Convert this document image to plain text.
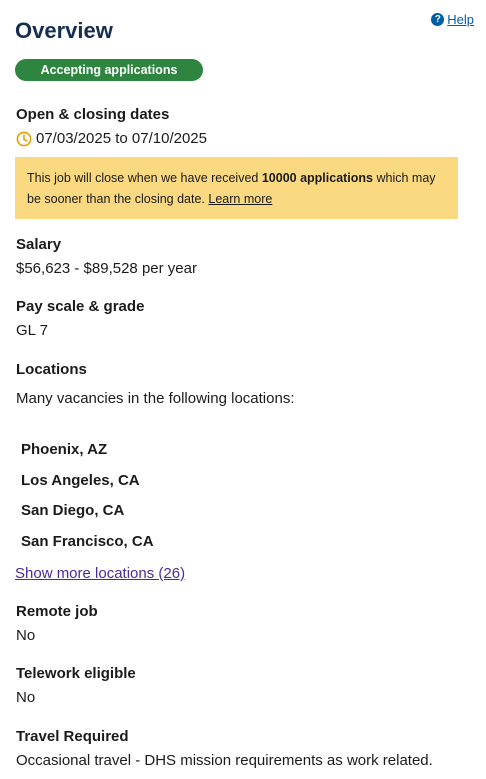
? Help
Overview
Accepting applications
Open & closing dates
07/03/2025 to 07/10/2025
This job will close when we have received 10000 applications which may be sooner than the closing date. Learn more
Salary
$56,623 - $89,528 per year
Pay scale & grade
GL 7
Locations
Many vacancies in the following locations:
Phoenix, AZ
Los Angeles, CA
San Diego, CA
San Francisco, CA
Show more locations (26)
Remote job
No
Telework eligible
No
Travel Required
Occasional travel - DHS mission requirements as work related.
